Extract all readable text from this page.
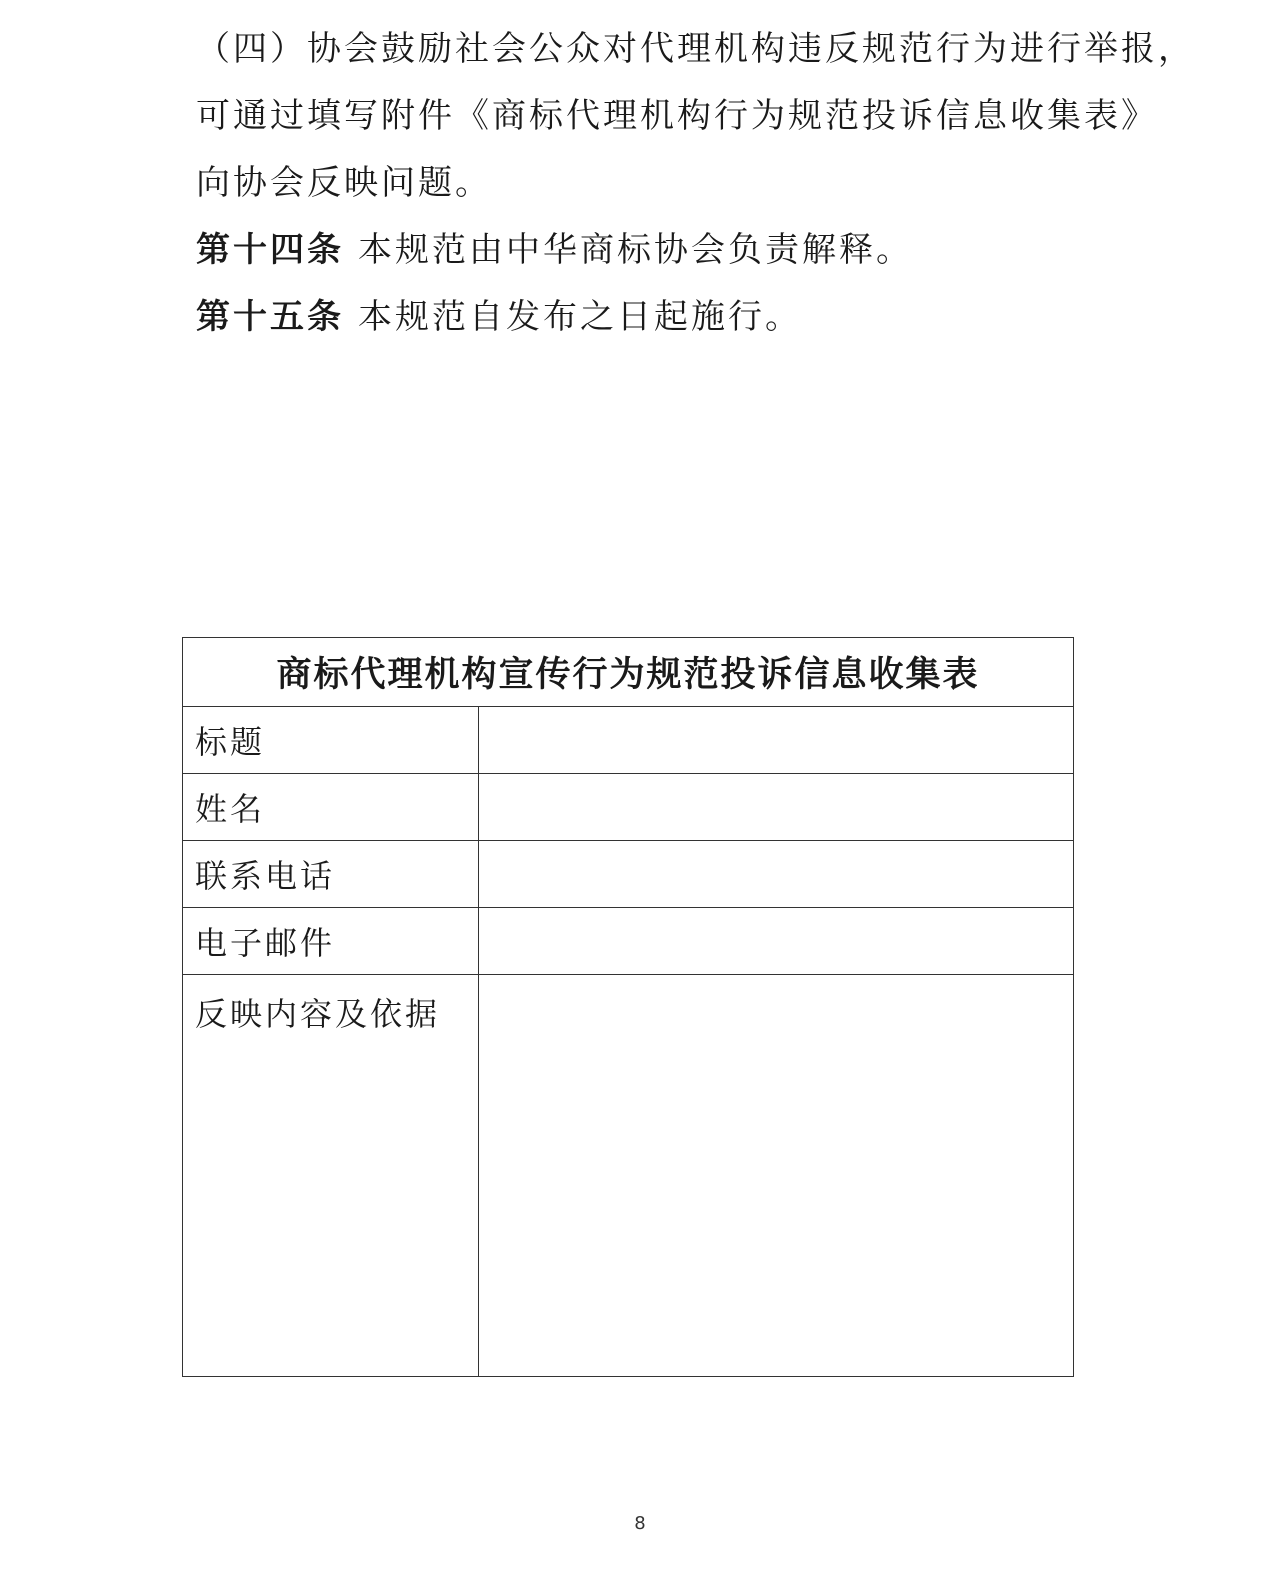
（四）协会鼓励社会公众对代理机构违反规范行为进行举报，
可通过填写附件《商标代理机构行为规范投诉信息收集表》
向协会反映问题。
第十四条 本规范由中华商标协会负责解释。
第十五条 本规范自发布之日起施行。
商标代理机构宣传行为规范投诉信息收集表	
标题	
姓名	
联系电话	
电子邮件	
反映内容及依据	
8
